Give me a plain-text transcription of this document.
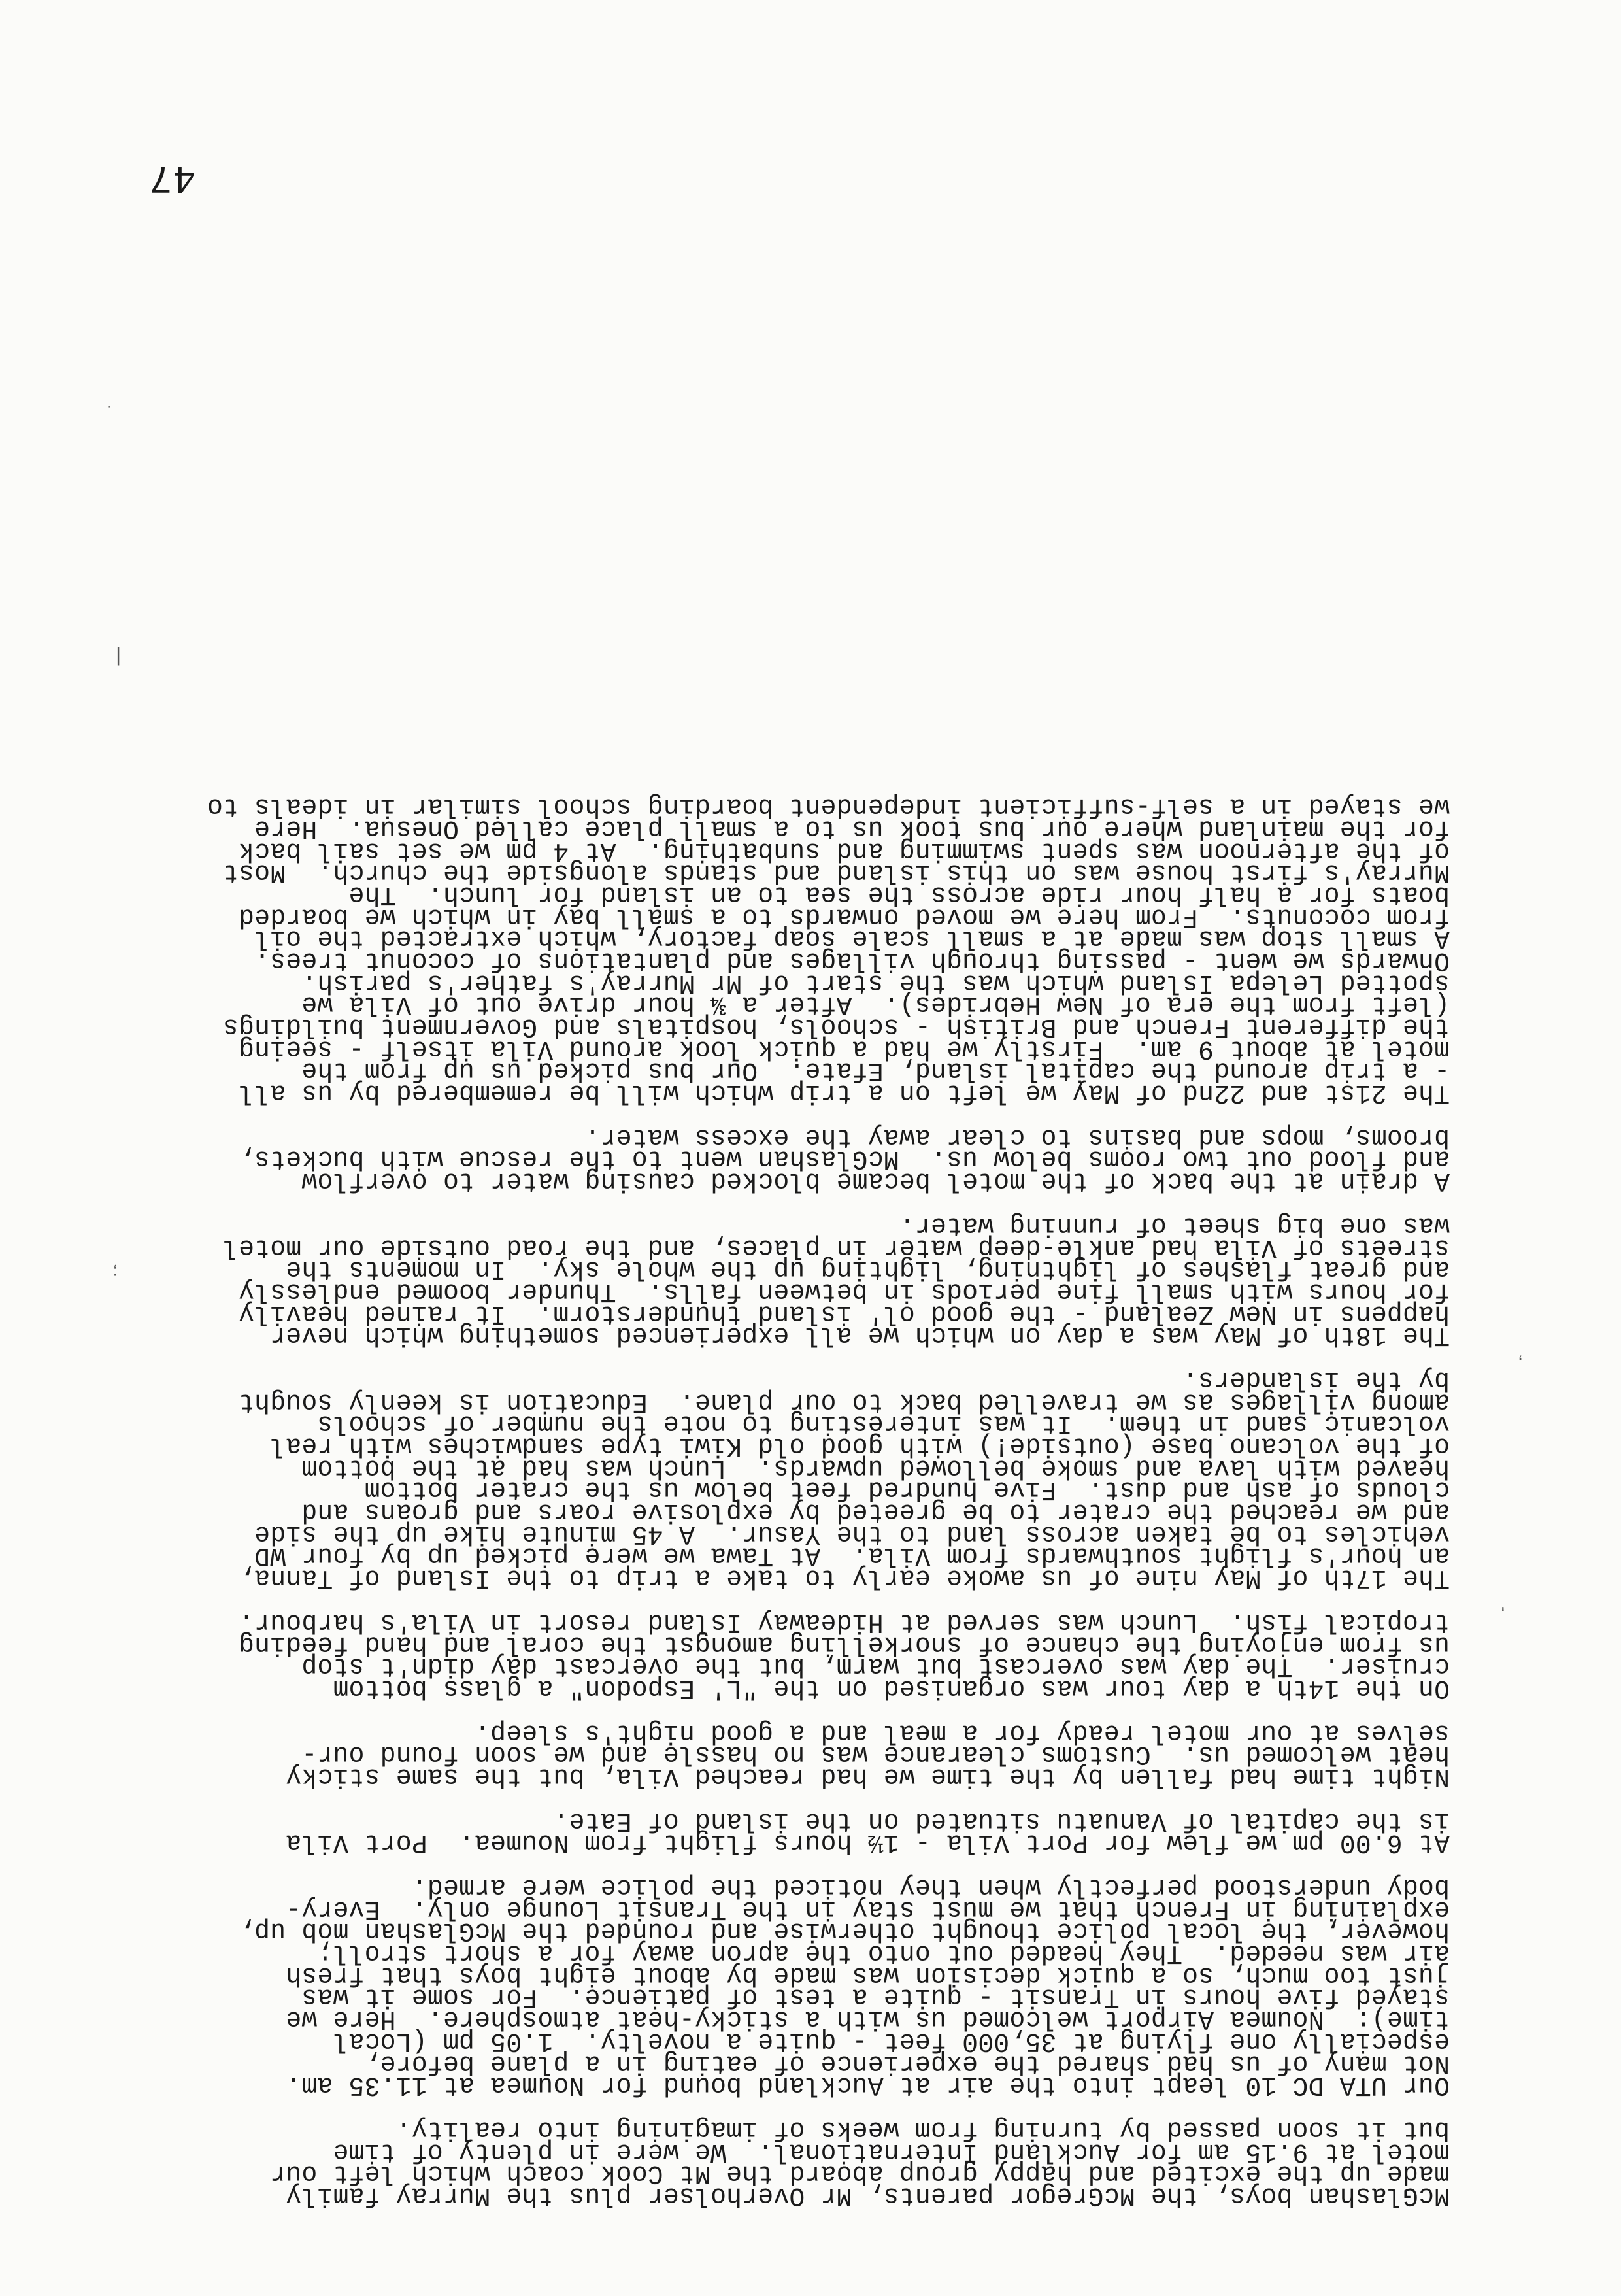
McGlashan boys, the McGregor parents, Mr Overholser plus the Murray family
made up the excited and happy group aboard the Mt Cook coach which left our
motel at 9.15 am for Auckland International.  We were in plenty of time
but it soon passed by turning from weeks of imagining into reality.
Our UTA DC 10 leapt into the air at Auckland bound for Noumea at 11.35 am.
Not many of us had shared the experience of eating in a plane before,
especially one flying at 35,000 feet - quite a novelty.  1.05 pm (Local
time):  Noumea Airport welcomed us with a sticky-heat atmosphere.  Here we
stayed five hours in Transit - quite a test of patience.  For some it was
just too much, so a quick decision was made by about eight boys that fresh
air was needed.  They headed out onto the apron away for a short stroll;
however, the local police thought otherwise and rounded the McGlashan mob up,
explaining in French that we must stay in the Transit Lounge only.  Every-
body understood perfectly when they noticed the police were armed.
At 6.00 pm we flew for Port Vila - 1½ hours flight from Noumea.  Port Vila
is the capital of Vanuatu situated on the island of Eate.
Night time had fallen by the time we had reached Vila, but the same sticky
heat welcomed us.  Customs clearance was no hassle and we soon found our-
selves at our motel ready for a meal and a good night's sleep.
On the 14th a day tour was organised on the "L' Espodon" a glass bottom
cruiser.  The day was overcast but warm, but the overcast day didn't stop
us from enjoying the chance of snorkelling amongst the coral and hand feeding
tropical fish.  Lunch was served at Hideaway Island resort in Vila's harbour.
The 17th of May nine of us awoke early to take a trip to the Island of Tanna,
an hour's flight southwards from Vila.  At Tawa we were picked up by four WD
vehicles to be taken across land to the Yasur.  A 45 minute hike up the side
and we reached the crater to be greeted by explosive roars and groans and
clouds of ash and dust.  Five hundred feet below us the crater bottom
heaved with lava and smoke bellowed upwards.  Lunch was had at the bottom
of the volcano base (outside!) with good old Kiwi type sandwiches with real
volcanic sand in them.  It was interesting to note the number of schools
among villages as we travelled back to our plane.  Education is keenly sought
by the islanders.
The 18th of May was a day on which we all experienced something which never
happens in New Zealand - the good ol' island thunderstorm.  It rained heavily
for hours with small fine periods in between falls.  Thunder boomed endlessly
and great flashes of lightning, lighting up the whole sky.  In moments the
streets of Vila had ankle-deep water in places, and the road outside our motel
was one big sheet of running water.
A drain at the back of the motel became blocked causing water to overflow
and flood out two rooms below us.  McGlashan went to the rescue with buckets,
brooms, mops and basins to clear away the excess water.
The 21st and 22nd of May we left on a trip which will be remembered by us all
- a trip around the capital island, Efate.  Our bus picked us up from the
motel at about 9 am.  Firstly we had a quick look around Vila itself - seeing
the different French and British - schools, hospitals and Government buildings
(left from the era of New Hebrides).  After a ¾ hour drive out of Vila we
spotted Lelepa Island which was the start of Mr Murray's father's parish.
Onwards we went - passing through villages and plantations of coconut trees.
A small stop was made at a small scale soap factory, which extracted the oil
from coconuts.  From here we moved onwards to a small bay in which we boarded
boats for a half hour ride across the sea to an island for lunch.  The
Murray's first house was on this island and stands alongside the church.  Most
of the afternoon was spent swimming and sunbathing.  At 4 pm we set sail back
for the mainland where our bus took us to a small place called Onesua.  Here
we stayed in a self-sufficient independent boarding school similar in ideals to
47
'
,
;
|
.
